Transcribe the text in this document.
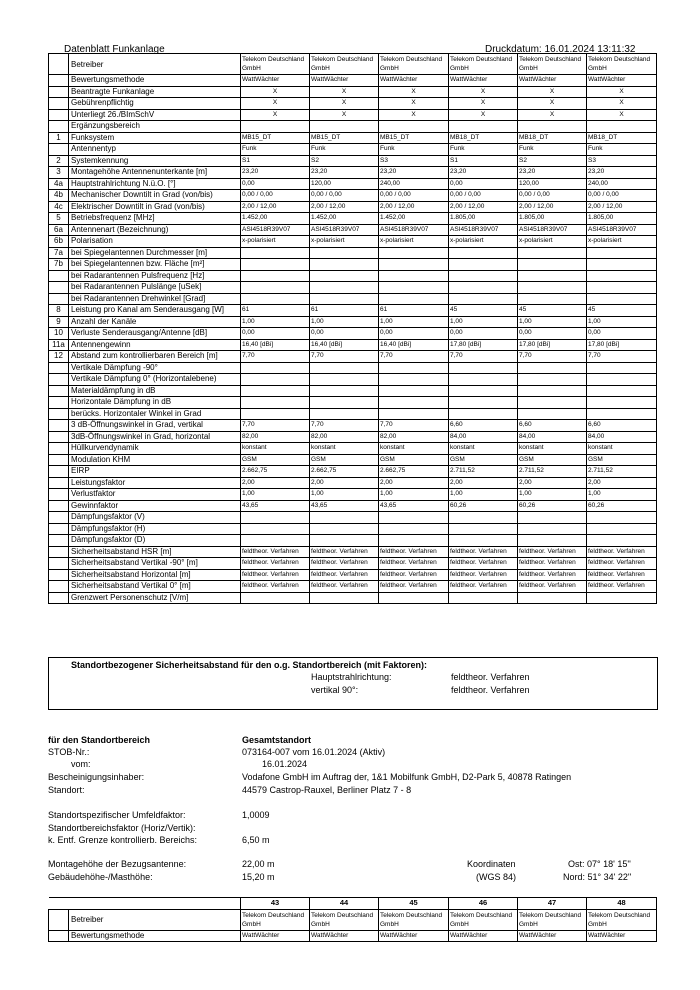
Datenblatt Funkanlage	Druckdatum: 16.01.2024 13:11:32
	Betreiber	Telekom Deutschland GmbH	Telekom Deutschland GmbH	Telekom Deutschland GmbH	Telekom Deutschland GmbH	Telekom Deutschland GmbH	Telekom Deutschland GmbH
	Bewertungsmethode	WattWächter	WattWächter	WattWächter	WattWächter	WattWächter	WattWächter
	Beantragte Funkanlage	X	X	X	X	X	X
	Gebührenpflichtig	X	X	X	X	X	X
	Unterliegt 26./BImSchV	X	X	X	X	X	X
	Ergänzungsbereich						
1	Funksystem	MB15_DT	MB15_DT	MB15_DT	MB18_DT	MB18_DT	MB18_DT
	Antennentyp	Funk	Funk	Funk	Funk	Funk	Funk
2	Systemkennung	S1	S2	S3	S1	S2	S3
3	Montagehöhe Antennenunterkante [m]	23,20	23,20	23,20	23,20	23,20	23,20
4a	Hauptstrahlrichtung N.ü.O. [°]	0,00	120,00	240,00	0,00	120,00	240,00
4b	Mechanischer Downtilt in Grad (von/bis)	0,00 / 0,00	0,00 / 0,00	0,00 / 0,00	0,00 / 0,00	0,00 / 0,00	0,00 / 0,00
4c	Elektrischer Downtilt in Grad (von/bis)	2,00 / 12,00	2,00 / 12,00	2,00 / 12,00	2,00 / 12,00	2,00 / 12,00	2,00 / 12,00
5	Betriebsfrequenz [MHz]	1.452,00	1.452,00	1.452,00	1.805,00	1.805,00	1.805,00
6a	Antennenart (Bezeichnung)	ASI4518R39V07	ASI4518R39V07	ASI4518R39V07	ASI4518R39V07	ASI4518R39V07	ASI4518R39V07
6b	Polarisation	x-polarisiert	x-polarisiert	x-polarisiert	x-polarisiert	x-polarisiert	x-polarisiert
7a	bei Spiegelantennen Durchmesser [m]						
7b	bei Spiegelantennen bzw. Fläche [m²]						
	bei Radarantennen Pulsfrequenz [Hz]						
	bei Radarantennen Pulslänge [uSek]						
	bei Radarantennen Drehwinkel [Grad]						
8	Leistung pro Kanal am Senderausgang [W]	61	61	61	45	45	45
9	Anzahl der Kanäle	1,00	1,00	1,00	1,00	1,00	1,00
10	Verluste Senderausgang/Antenne [dB]	0,00	0,00	0,00	0,00	0,00	0,00
11a	Antennengewinn	16,40 [dBi]	16,40 [dBi]	16,40 [dBi]	17,80 [dBi]	17,80 [dBi]	17,80 [dBi]
12	Abstand zum kontrollierbaren Bereich [m]	7,70	7,70	7,70	7,70	7,70	7,70
	Vertikale Dämpfung -90°						
	Vertikale Dämpfung 0° (Horizontalebene)						
	Materialdämpfung in dB						
	Horizontale Dämpfung in dB						
	berücks. Horizontaler Winkel in Grad						
	3 dB-Öffnungswinkel in Grad, vertikal	7,70	7,70	7,70	6,60	6,60	6,60
	3dB-Öffnungswinkel in Grad, horizontal	82,00	82,00	82,00	84,00	84,00	84,00
	Hüllkurvendynamik	konstant	konstant	konstant	konstant	konstant	konstant
	Modulation KHM	GSM	GSM	GSM	GSM	GSM	GSM
	EIRP	2.662,75	2.662,75	2.662,75	2.711,52	2.711,52	2.711,52
	Leistungsfaktor	2,00	2,00	2,00	2,00	2,00	2,00
	Verlustfaktor	1,00	1,00	1,00	1,00	1,00	1,00
	Gewinnfaktor	43,65	43,65	43,65	60,26	60,26	60,26
	Dämpfungsfaktor (V)						
	Dämpfungsfaktor (H)						
	Dämpfungsfaktor (D)						
	Sicherheitsabstand HSR [m]	feldtheor. Verfahren	feldtheor. Verfahren	feldtheor. Verfahren	feldtheor. Verfahren	feldtheor. Verfahren	feldtheor. Verfahren
	Sicherheitsabstand Vertikal -90° [m]	feldtheor. Verfahren	feldtheor. Verfahren	feldtheor. Verfahren	feldtheor. Verfahren	feldtheor. Verfahren	feldtheor. Verfahren
	Sicherheitsabstand Horizontal [m]	feldtheor. Verfahren	feldtheor. Verfahren	feldtheor. Verfahren	feldtheor. Verfahren	feldtheor. Verfahren	feldtheor. Verfahren
	Sicherheitsabstand Vertikal 0° [m]	feldtheor. Verfahren	feldtheor. Verfahren	feldtheor. Verfahren	feldtheor. Verfahren	feldtheor. Verfahren	feldtheor. Verfahren
	Grenzwert Personenschutz [V/m]						
Standortbezogener Sicherheitsabstand für den o.g. Standortbereich (mit Faktoren):
Hauptstrahlrichtung:	feldtheor. Verfahren
vertikal 90°:	feldtheor. Verfahren
für den Standortbereich	Gesamtstandort
STOB-Nr.:	073164-007 vom 16.01.2024 (Aktiv)
vom:	16.01.2024
Bescheinigungsinhaber:	Vodafone GmbH im Auftrag der, 1&1 Mobilfunk GmbH, D2-Park 5, 40878 Ratingen
Standort:	44579 Castrop-Rauxel, Berliner Platz 7 - 8
Standortspezifischer Umfeldfaktor:	1,0009
Standortbereichsfaktor (Horiz/Vertik):
k. Entf. Grenze kontrollierb. Bereichs:	6,50 m
Montagehöhe der Bezugsantenne:	22,00 m
Gebäudehöhe-/Masthöhe:	15,20 m
Koordinaten
(WGS 84)
Ost: 07° 18' 15''
Nord: 51° 34' 22''
		43	44	45	46	47	48
	Betreiber	Telekom Deutschland GmbH	Telekom Deutschland GmbH	Telekom Deutschland GmbH	Telekom Deutschland GmbH	Telekom Deutschland GmbH	Telekom Deutschland GmbH
	Bewertungsmethode	WattWächter	WattWächter	WattWächter	WattWächter	WattWächter	WattWächter
